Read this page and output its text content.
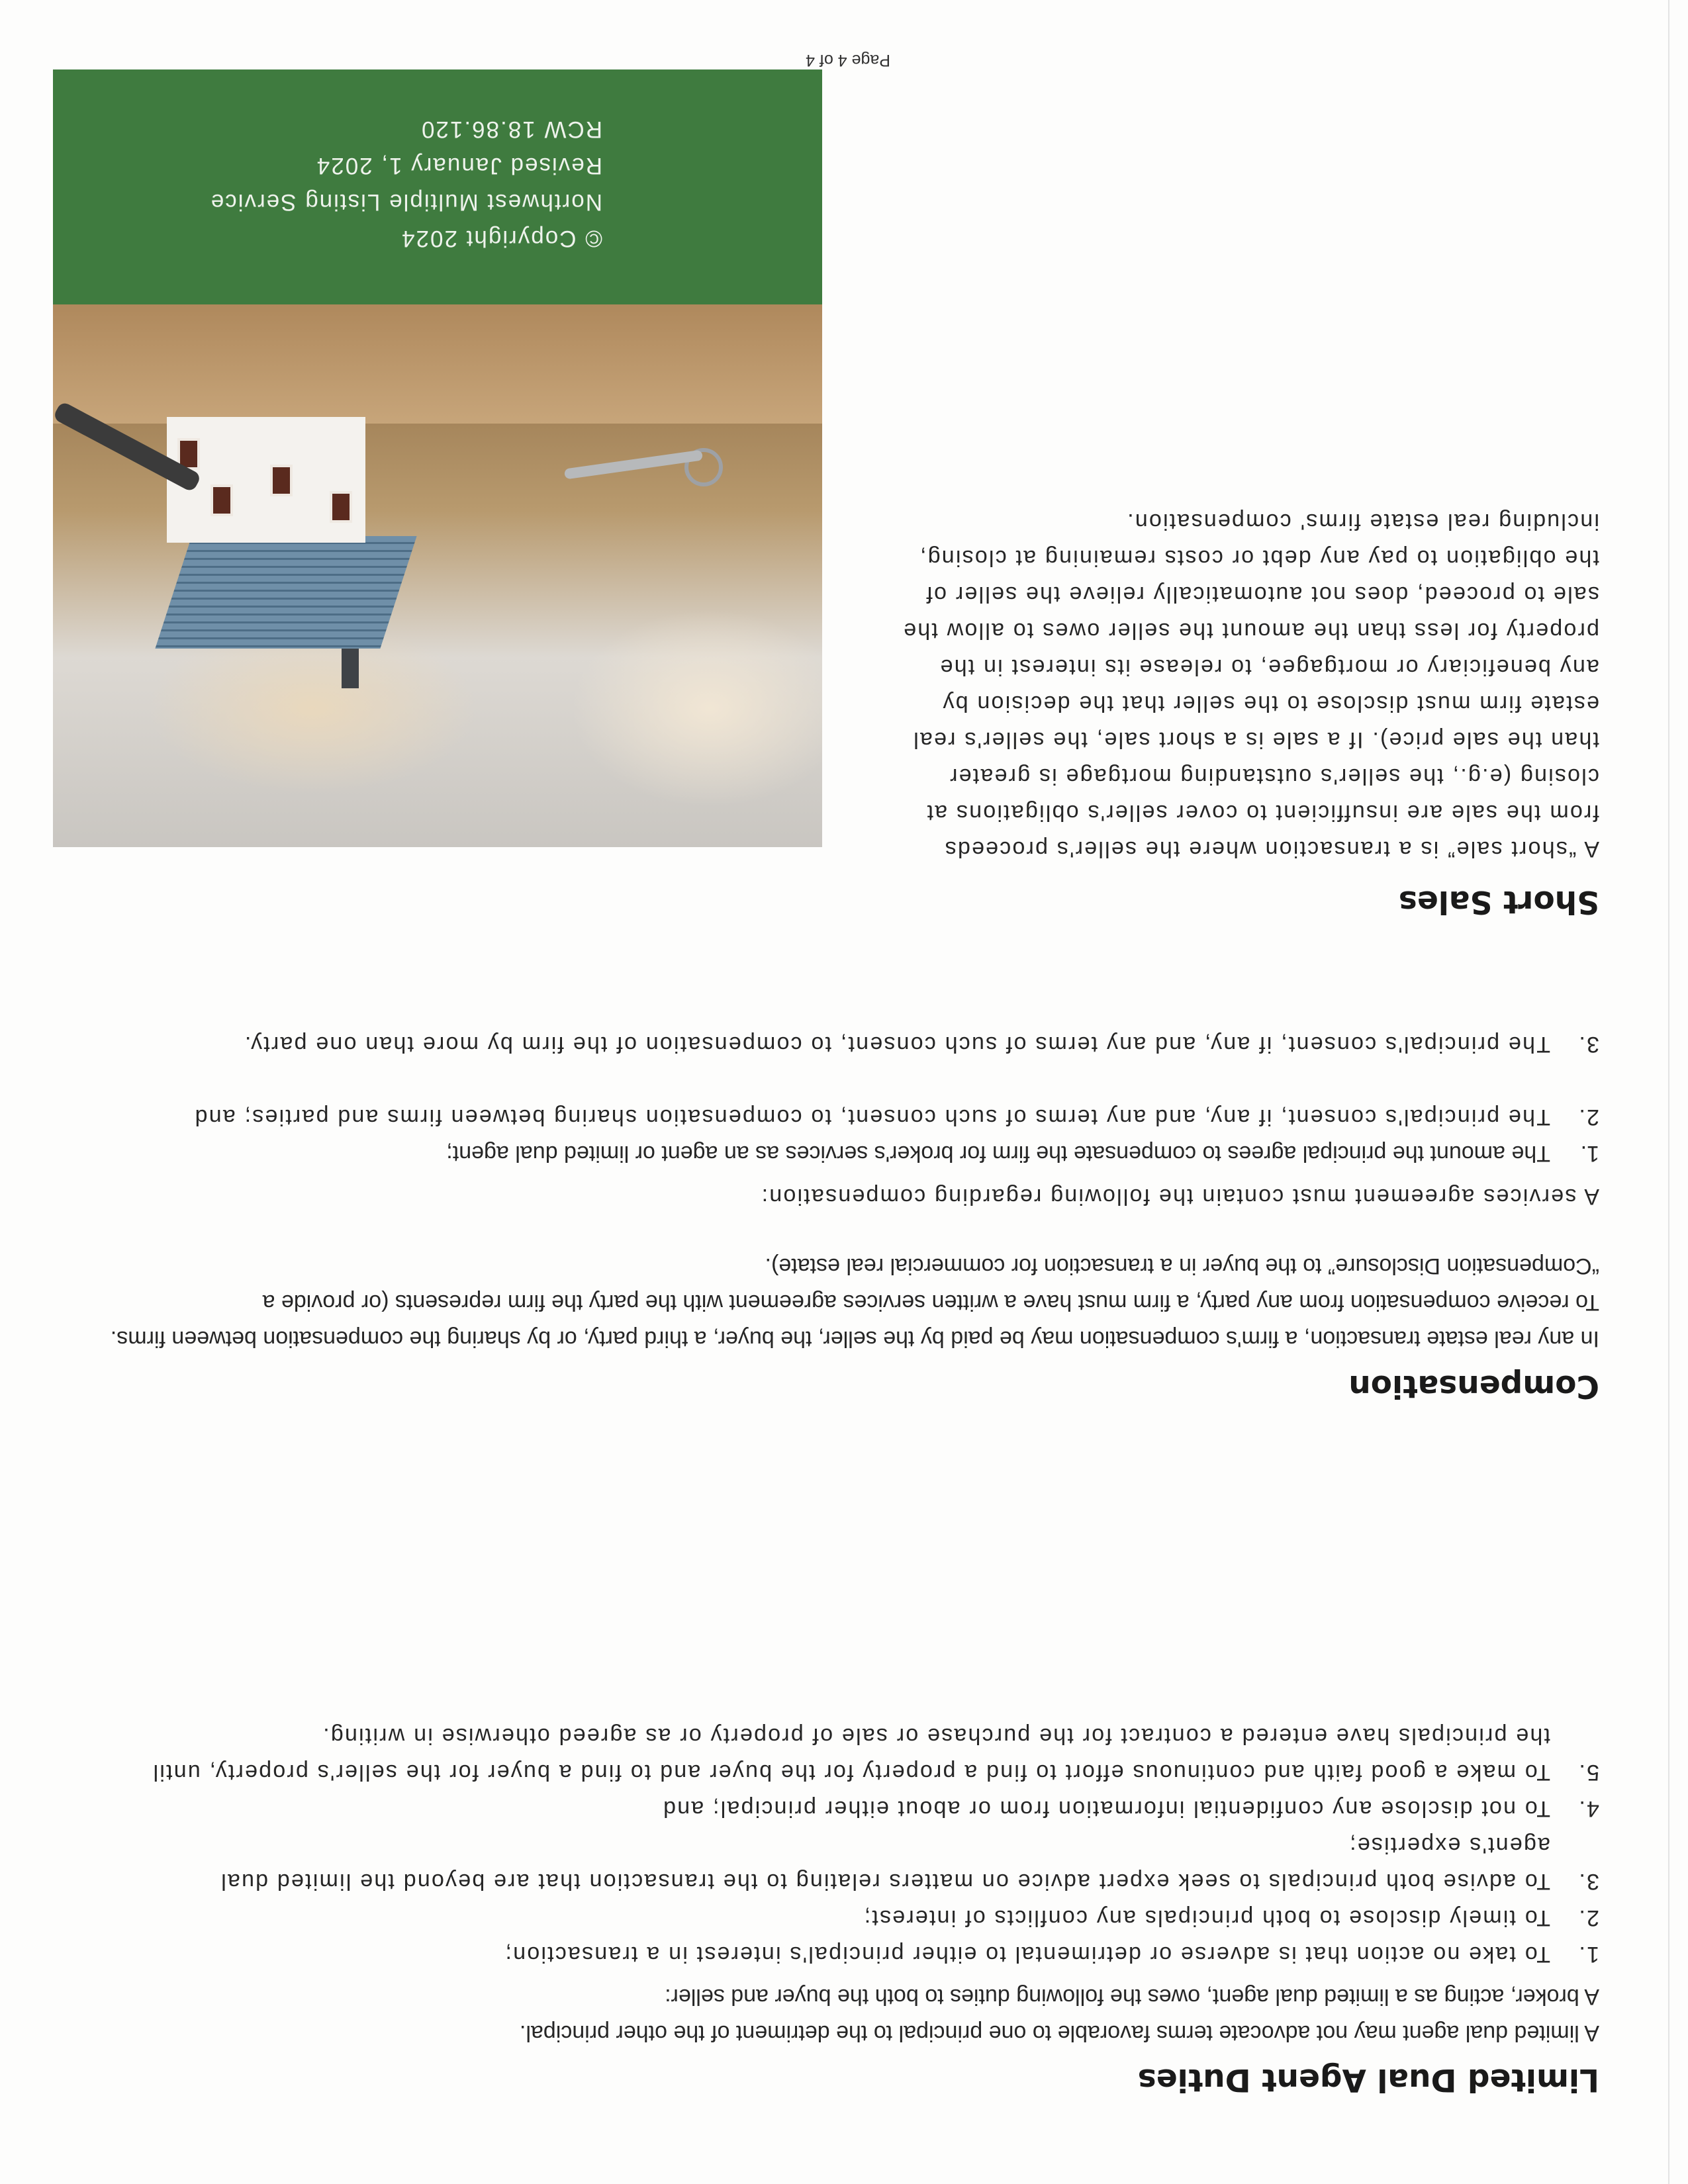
Limited Dual Agent Duties
A limited dual agent may not advocate terms favorable to one principal to the detriment of the other principal.
A broker, acting as a limited dual agent, owes the following duties to both the buyer and seller:
1.
To take no action that is adverse or detrimental to either principal's interest in a transaction;
2.
To timely disclose to both principals any conflicts of interest;
3.
To advise both principals to seek expert advice on matters relating to the transaction that are beyond the limited dual agent's expertise;
4.
To not disclose any confidential information from or about either principal; and
5.
To make a good faith and continuous effort to find a property for the buyer and to find a buyer for the seller's property, until the principals have entered a contract for the purchase or sale of property or as agreed otherwise in writing.
Compensation
In any real estate transaction, a firm's compensation may be paid by the seller, the buyer, a third party, or by sharing the compensation between firms. To receive compensation from any party, a firm must have a written services agreement with the party the firm represents (or provide a “Compensation Disclosure” to the buyer in a transaction for commercial real estate).
A services agreement must contain the following regarding compensation:
1.
The amount the principal agrees to compensate the firm for broker's services as an agent or limited dual agent;
2.
The principal's consent, if any, and any terms of such consent, to compensation sharing between firms and parties; and
3.
The principal's consent, if any, and any terms of such consent, to compensation of the firm by more than one party.
Short Sales
A “short sale” is a transaction where the seller's proceeds from the sale are insufficient to cover seller's obligations at closing (e.g., the seller's outstanding mortgage is greater than the sale price). If a sale is a short sale, the seller's real estate firm must disclose to the seller that the decision by any beneficiary or mortgagee, to release its interest in the property for less than the amount the seller owes to allow the sale to proceed, does not automatically relieve the seller of the obligation to pay any debt or costs remaining at closing, including real estate firms' compensation.
Page 4 of 4
© Copyright 2024
Northwest Multiple Listing Service
Revised January 1, 2024
RCW 18.86.120
